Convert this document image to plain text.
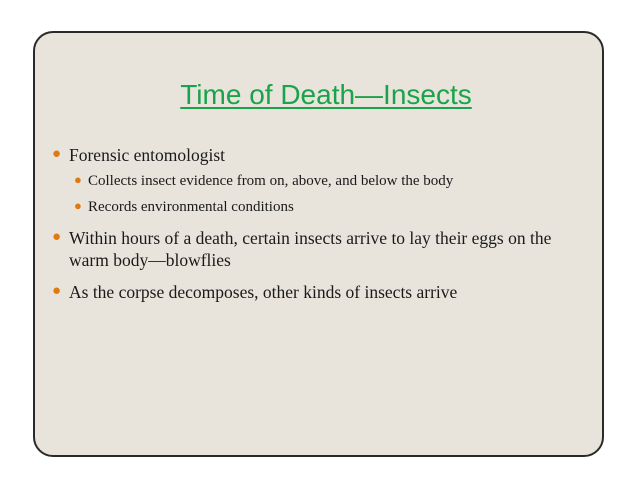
Time of Death—Insects
● Forensic entomologist
● Collects insect evidence from on, above, and below the body
● Records environmental conditions
● Within hours of a death, certain insects arrive to lay their eggs on the warm body—blowflies
● As the corpse decomposes, other kinds of insects arrive
